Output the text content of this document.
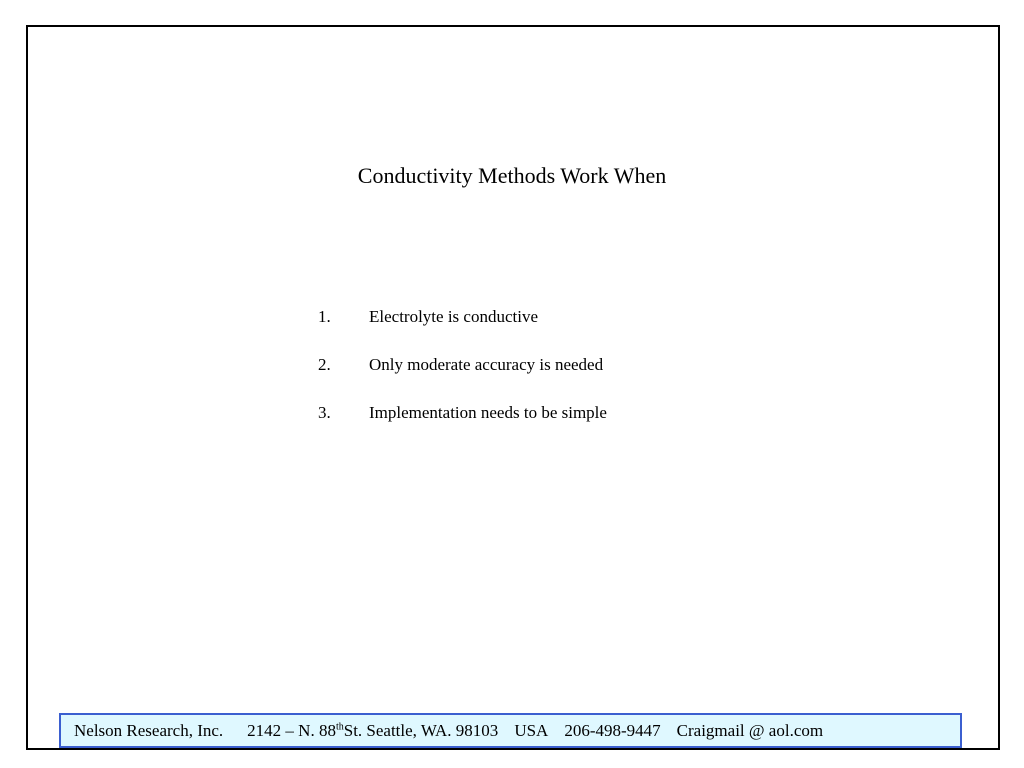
Conductivity Methods Work When
1.	Electrolyte is conductive
2.	Only moderate accuracy is needed
3.	Implementation needs to be simple
Nelson Research, Inc. 2142 – N. 88thSt. Seattle, WA. 98103 USA 206-498-9447 Craigmail @ aol.com
